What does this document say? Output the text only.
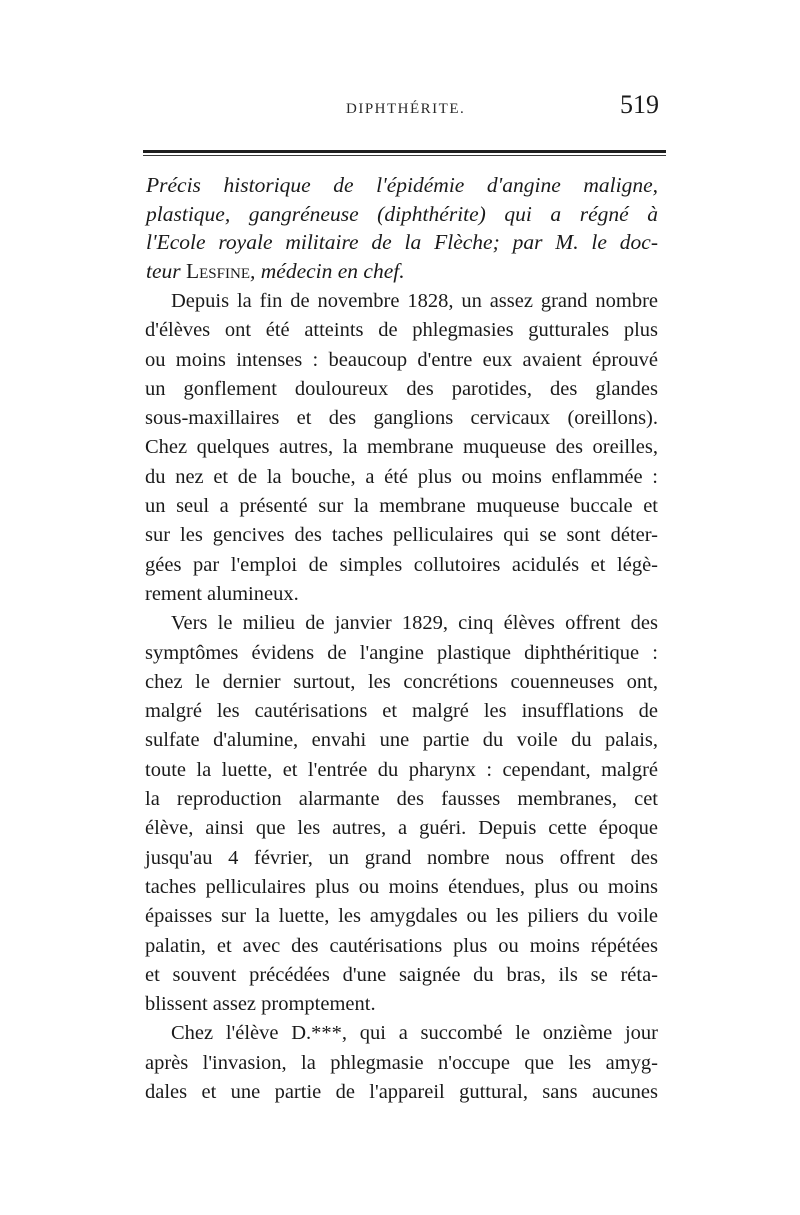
DIPHTHÉRITE.	519
Précis historique de l'épidémie d'angine maligne,
plastique, gangréneuse (diphthérite) qui a régné à
l'Ecole royale militaire de la Flèche; par M. le doc-
teur Lesfine, médecin en chef.
Depuis la fin de novembre 1828, un assez grand nombre
d'élèves ont été atteints de phlegmasies gutturales plus
ou moins intenses : beaucoup d'entre eux avaient éprouvé
un gonflement douloureux des parotides, des glandes
sous-maxillaires et des ganglions cervicaux (oreillons).
Chez quelques autres, la membrane muqueuse des oreilles,
du nez et de la bouche, a été plus ou moins enflammée :
un seul a présenté sur la membrane muqueuse buccale et
sur les gencives des taches pelliculaires qui se sont déter-
gées par l'emploi de simples collutoires acidulés et légè-
rement alumineux.
Vers le milieu de janvier 1829, cinq élèves offrent des
symptômes évidens de l'angine plastique diphthéritique :
chez le dernier surtout, les concrétions couenneuses ont,
malgré les cautérisations et malgré les insufflations de
sulfate d'alumine, envahi une partie du voile du palais,
toute la luette, et l'entrée du pharynx : cependant, malgré
la reproduction alarmante des fausses membranes, cet
élève, ainsi que les autres, a guéri. Depuis cette époque
jusqu'au 4 février, un grand nombre nous offrent des
taches pelliculaires plus ou moins étendues, plus ou moins
épaisses sur la luette, les amygdales ou les piliers du voile
palatin, et avec des cautérisations plus ou moins répétées
et souvent précédées d'une saignée du bras, ils se réta-
blissent assez promptement.
Chez l'élève D.***, qui a succombé le onzième jour
après l'invasion, la phlegmasie n'occupe que les amyg-
dales et une partie de l'appareil guttural, sans aucunes
